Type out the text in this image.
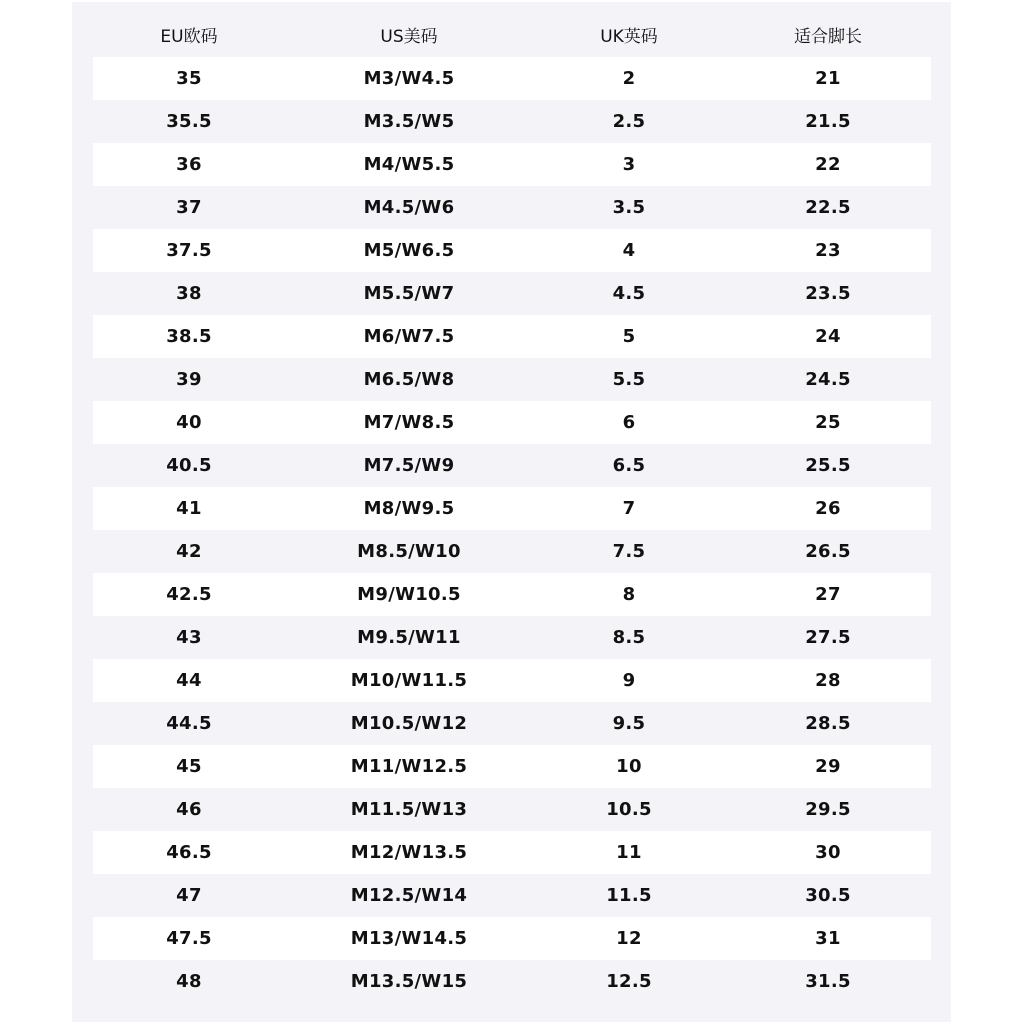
EU欧码	US美码	UK英码	适合脚长
35	M3/W4.5	2	21
35.5	M3.5/W5	2.5	21.5
36	M4/W5.5	3	22
37	M4.5/W6	3.5	22.5
37.5	M5/W6.5	4	23
38	M5.5/W7	4.5	23.5
38.5	M6/W7.5	5	24
39	M6.5/W8	5.5	24.5
40	M7/W8.5	6	25
40.5	M7.5/W9	6.5	25.5
41	M8/W9.5	7	26
42	M8.5/W10	7.5	26.5
42.5	M9/W10.5	8	27
43	M9.5/W11	8.5	27.5
44	M10/W11.5	9	28
44.5	M10.5/W12	9.5	28.5
45	M11/W12.5	10	29
46	M11.5/W13	10.5	29.5
46.5	M12/W13.5	11	30
47	M12.5/W14	11.5	30.5
47.5	M13/W14.5	12	31
48	M13.5/W15	12.5	31.5
